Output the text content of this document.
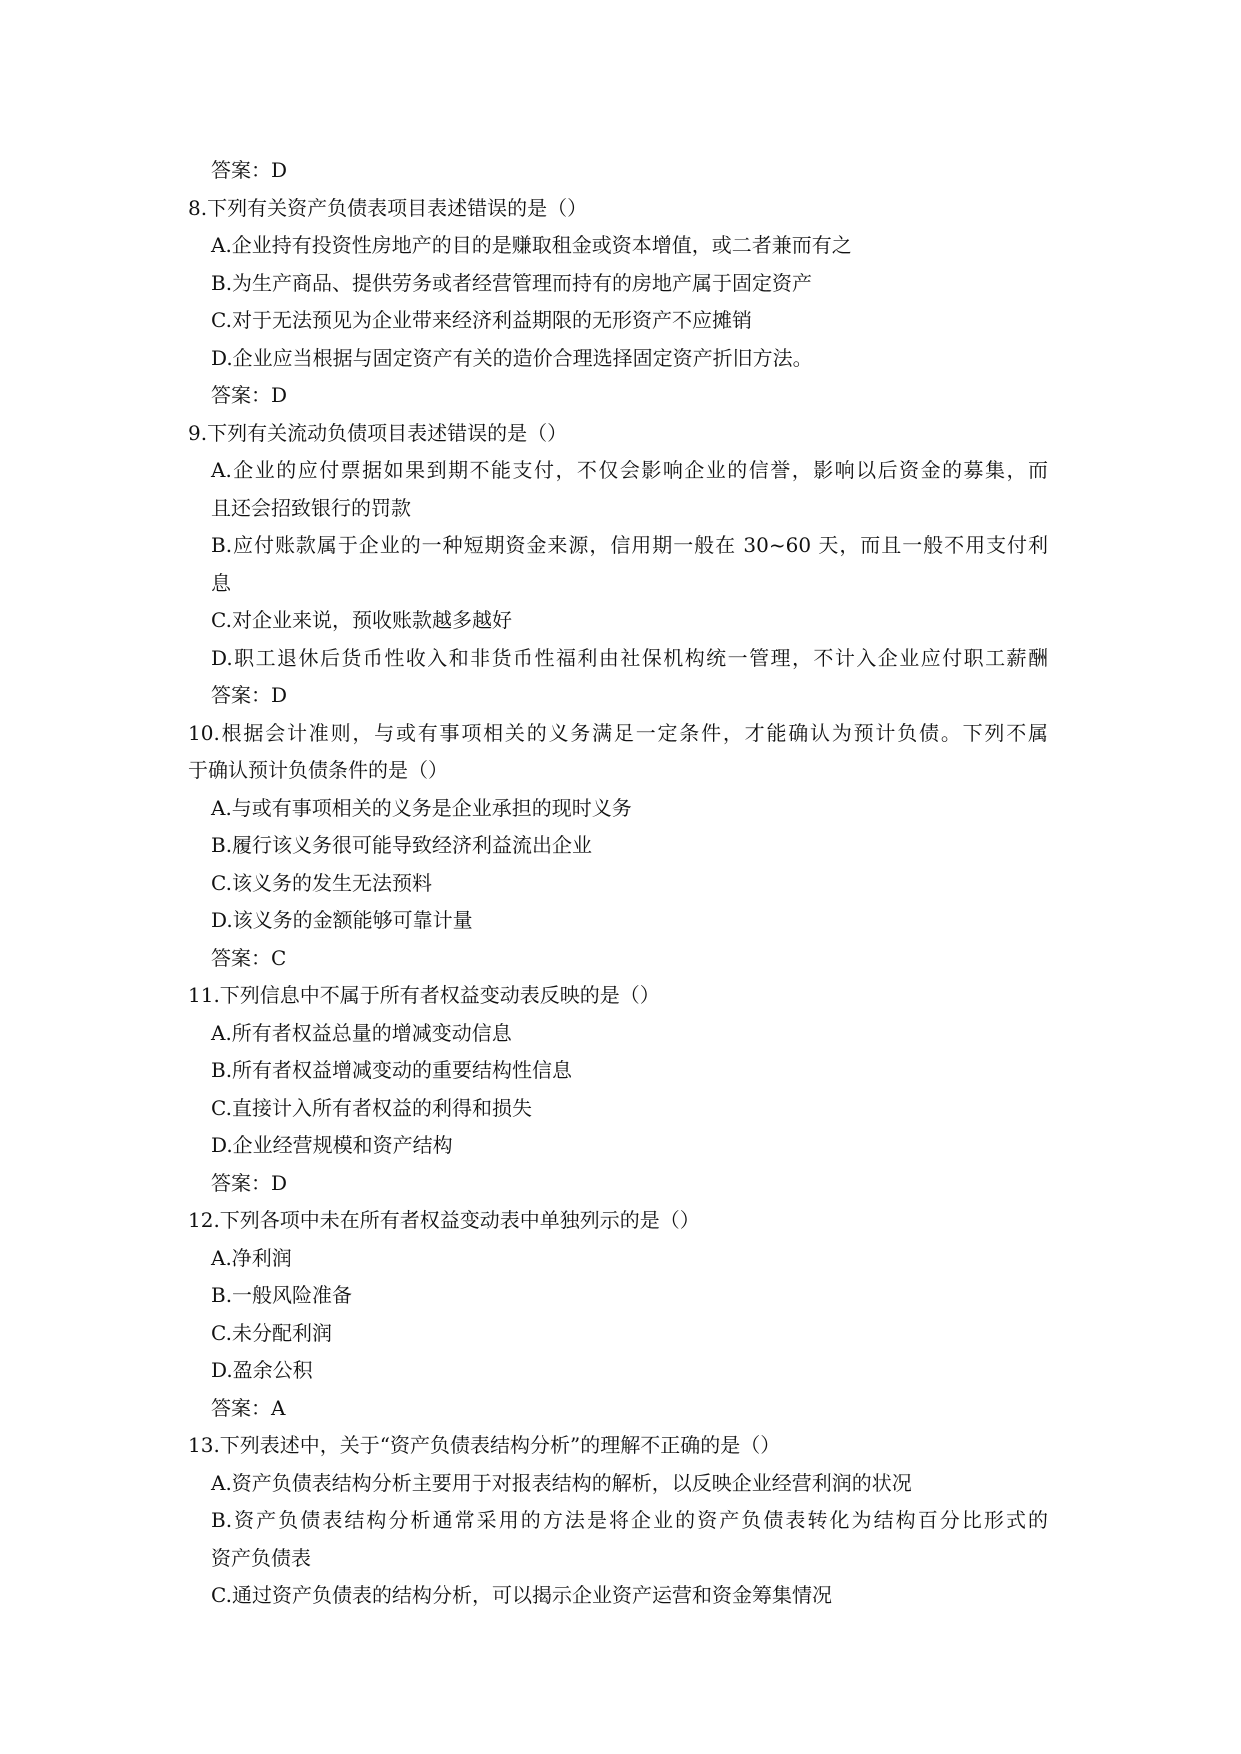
答案：D
8.下列有关资产负债表项目表述错误的是（）
A.企业持有投资性房地产的目的是赚取租金或资本增值，或二者兼而有之
B.为生产商品、提供劳务或者经营管理而持有的房地产属于固定资产
C.对于无法预见为企业带来经济利益期限的无形资产不应摊销
D.企业应当根据与固定资产有关的造价合理选择固定资产折旧方法。
答案：D
9.下列有关流动负债项目表述错误的是（）
A.企业的应付票据如果到期不能支付，不仅会影响企业的信誉，影响以后资金的募集，而
且还会招致银行的罚款
B.应付账款属于企业的一种短期资金来源，信用期一般在 30~60 天，而且一般不用支付利
息
C.对企业来说，预收账款越多越好
D.职工退休后货币性收入和非货币性福利由社保机构统一管理，不计入企业应付职工薪酬
答案：D
10.根据会计准则，与或有事项相关的义务满足一定条件，才能确认为预计负债。下列不属
于确认预计负债条件的是（）
A.与或有事项相关的义务是企业承担的现时义务
B.履行该义务很可能导致经济利益流出企业
C.该义务的发生无法预料
D.该义务的金额能够可靠计量
答案：C
11.下列信息中不属于所有者权益变动表反映的是（）
A.所有者权益总量的增减变动信息
B.所有者权益增减变动的重要结构性信息
C.直接计入所有者权益的利得和损失
D.企业经营规模和资产结构
答案：D
12.下列各项中未在所有者权益变动表中单独列示的是（）
A.净利润
B.一般风险准备
C.未分配利润
D.盈余公积
答案：A
13.下列表述中，关于“资产负债表结构分析”的理解不正确的是（）
A.资产负债表结构分析主要用于对报表结构的解析，以反映企业经营利润的状况
B.资产负债表结构分析通常采用的方法是将企业的资产负债表转化为结构百分比形式的
资产负债表
C.通过资产负债表的结构分析，可以揭示企业资产运营和资金筹集情况
